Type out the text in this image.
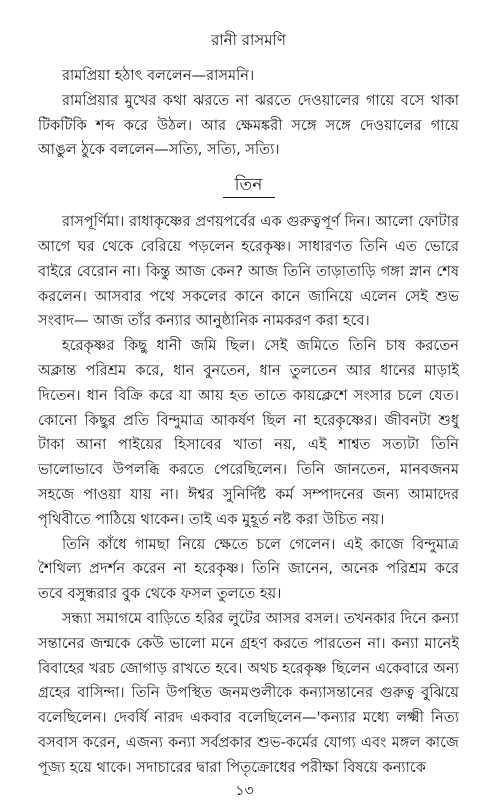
রানী রাসমণি

রামপ্রিয়া হঠাৎ বললেন—রাসমনি।

রামপ্রিয়ার মুখের কথা ঝরতে না ঝরতে দেওয়ালের গায়ে বসে থাকা টিকটিকি শব্দ করে উঠল। আর ক্ষেমঙ্করী সঙ্গে সঙ্গে দেওয়ালের গায়ে আঙুল ঠুকে বললেন—সত্যি, সত্যি, সত্যি।

তিন

রাসপূর্ণিমা। রাধাকৃষ্ণের প্রণয়পর্বের এক গুরুত্বপূর্ণ দিন। আলো ফোটার আগে ঘর থেকে বেরিয়ে পড়লেন হরেকৃষ্ণ। সাধারণত তিনি এত ভোরে বাইরে বেরোন না। কিন্তু আজ কেন? আজ তিনি তাড়াতাড়ি গঙ্গা স্নান শেষ করলেন। আসবার পথে সকলের কানে কানে জানিয়ে এলেন সেই শুভ সংবাদ— আজ তাঁর কন্যার আনুষ্ঠানিক নামকরণ করা হবে।

হরেকৃষ্ণর কিছু ধানী জমি ছিল। সেই জমিতে তিনি চাষ করতেন অক্লান্ত পরিশ্রম করে, ধান বুনতেন, ধান তুলতেন আর ধানের মাড়াই দিতেন। ধান বিক্রি করে যা আয় হত তাতে কায়ক্লেশে সংসার চলে যেত। কোনো কিছুর প্রতি বিন্দুমাত্র আকর্ষণ ছিল না হরেকৃষ্ণের। জীবনটা শুধু টাকা আনা পাইয়ের হিসাবের খাতা নয়, এই শাশ্বত সত্যটা তিনি ভালোভাবে উপলব্ধি করতে পেরেছিলেন। তিনি জানতেন, মানবজনম সহজে পাওয়া যায় না। ঈশ্বর সুনির্দিষ্ট কর্ম সম্পাদনের জন্য আমাদের পৃথিবীতে পাঠিয়ে থাকেন। তাই এক মুহূর্ত নষ্ট করা উচিত নয়।

তিনি কাঁধে গামছা নিয়ে ক্ষেতে চলে গেলেন। এই কাজে বিন্দুমাত্র শৈথিল্য প্রদর্শন করেন না হরেকৃষ্ণ। তিনি জানেন, অনেক পরিশ্রম করে তবে বসুন্ধরার বুক থেকে ফসল তুলতে হয়।

সন্ধ্যা সমাগমে বাড়িতে হরির লুটের আসর বসল। তখনকার দিনে কন্যা সন্তানের জন্মকে কেউ ভালো মনে গ্রহণ করতে পারতেন না। কন্যা মানেই বিবাহের খরচ জোগাড় রাখতে হবে। অথচ হরেকৃষ্ণ ছিলেন একেবারে অন্য গ্রহের বাসিন্দা। তিনি উপস্থিত জনমণ্ডলীকে কন্যাসন্তানের গুরুত্ব বুঝিয়ে বলেছিলেন। দেবর্ষি নারদ একবার বলেছিলেন—'কন্যার মধ্যে লক্ষ্মী নিত্য বসবাস করেন, এজন্য কন্যা সর্বপ্রকার শুভ-কর্মের যোগ্য এবং মঙ্গল কাজে পূজ্য হয়ে থাকে। সদাচারের দ্বারা পিতৃক্রোধের পরীক্ষা বিষয়ে কন্যাকে

১৩
